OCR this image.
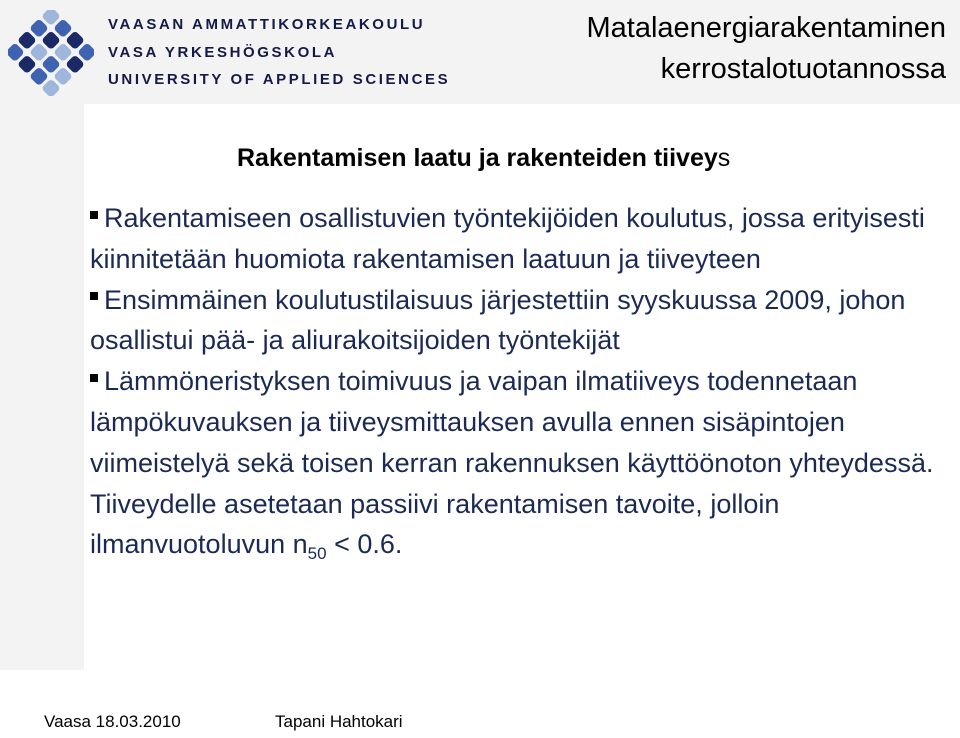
VAASAN AMMATTIKORKEAKOULU
VASA YRKESHÖGSKOLA
UNIVERSITY OF APPLIED SCIENCES
Matalaenergiarakentaminen
kerrostalotuotannossa
Rakentamisen laatu ja rakenteiden tiiveys

Rakentamiseen osallistuvien työntekijöiden koulutus, jossa erityisesti kiinnitetään huomiota rakentamisen laatuun ja tiiveyteen

Ensimmäinen koulutustilaisuus järjestettiin syyskuussa 2009, johon osallistui pää- ja aliurakoitsijoiden työntekijät

Lämmöneristyksen toimivuus ja vaipan ilmatiiveys todennetaan lämpökuvauksen ja tiiveysmittauksen avulla ennen sisäpintojen viimeistelyä sekä toisen kerran rakennuksen käyttöönoton yhteydessä. Tiiveydelle asetetaan passiivi rakentamisen tavoite, jolloin ilmanvuotoluvun $n_{50} < 0.6$.

Vaasa 18.03.2010	Tapani Hahtokari
